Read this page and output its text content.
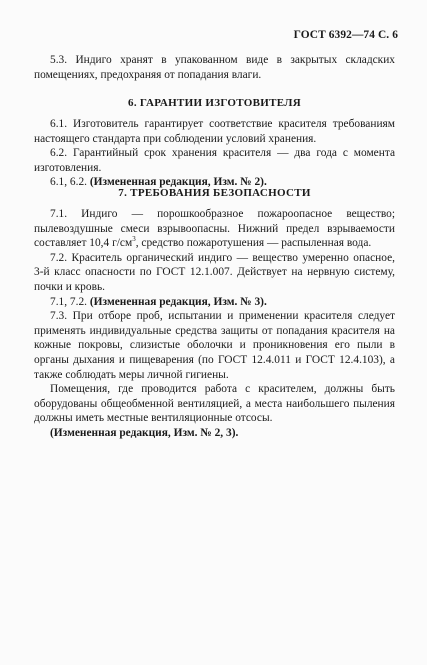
ГОСТ 6392—74 С. 6

5.3. Индиго хранят в упакованном виде в закрытых складских помещениях, предохраняя от попадания влаги.

6. ГАРАНТИИ ИЗГОТОВИТЕЛЯ

6.1. Изготовитель гарантирует соответствие красителя требованиям настоящего стандарта при соблюдении условий хранения.

6.2. Гарантийный срок хранения красителя — два года с момента изготовления.

6.1, 6.2. (Измененная редакция, Изм. № 2).

7. ТРЕБОВАНИЯ БЕЗОПАСНОСТИ

7.1. Индиго — порошкообразное пожароопасное вещество; пылевоздушные смеси взрывоопасны. Нижний предел взрываемости составляет 10,4 $г/см^3$, средство пожаротушения — распыленная вода.

7.2. Краситель органический индиго — вещество умеренно опасное, 3-й класс опасности по ГОСТ 12.1.007. Действует на нервную систему, почки и кровь.

7.1, 7.2. (Измененная редакция, Изм. № 3).

7.3. При отборе проб, испытании и применении красителя следует применять индивидуальные средства защиты от попадания красителя на кожные покровы, слизистые оболочки и проникновения его пыли в органы дыхания и пищеварения (по ГОСТ 12.4.011 и ГОСТ 12.4.103), а также соблюдать меры личной гигиены.

Помещения, где проводится работа с красителем, должны быть оборудованы общеобменной вентиляцией, а места наибольшего пыления должны иметь местные вентиляционные отсосы.

(Измененная редакция, Изм. № 2, 3).
